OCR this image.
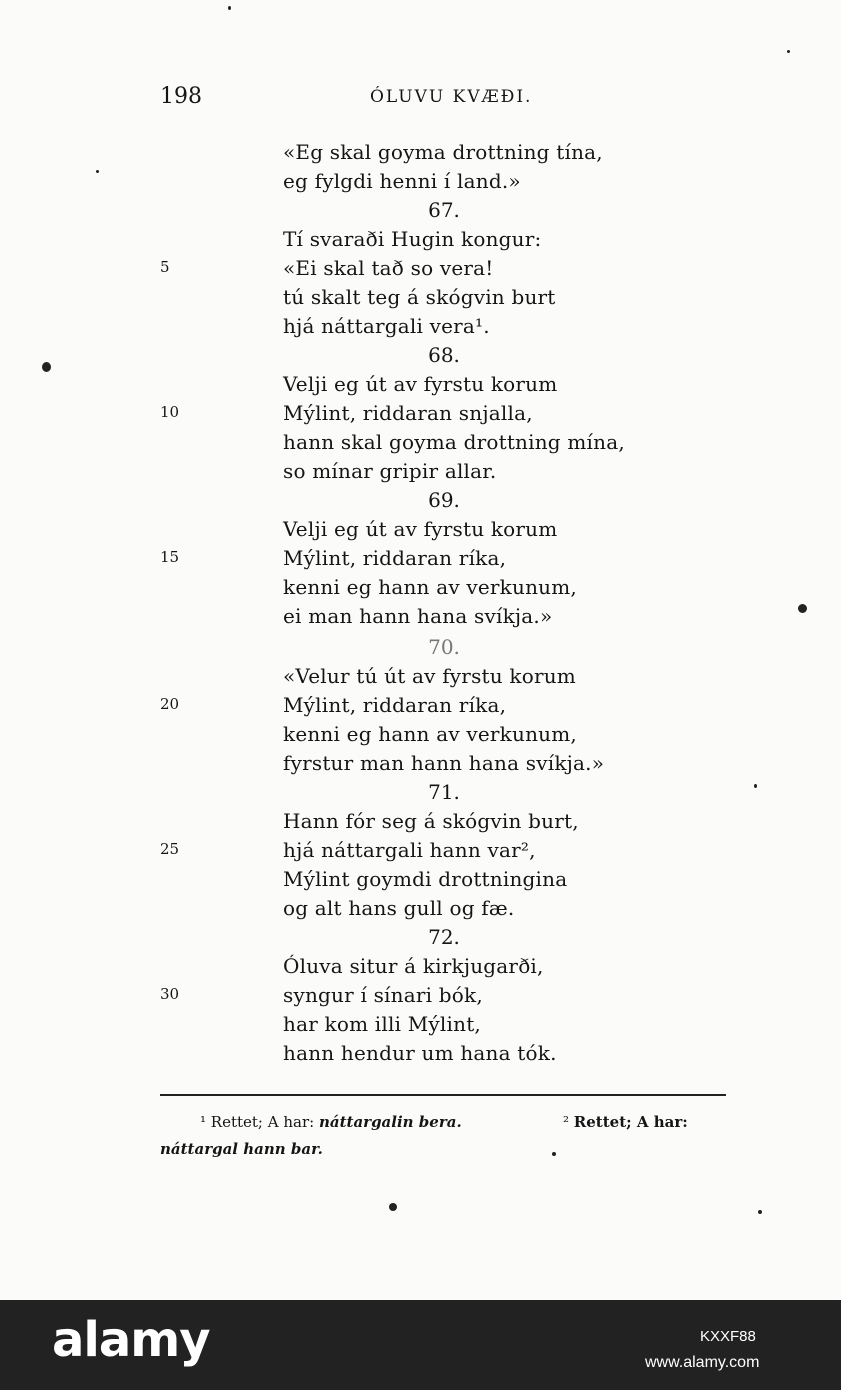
198	ÓLUVU KVÆÐI.
«Eg skal goyma drottning tína,
eg fylgdi henni í land.»
67.
Tí svaraði Hugin kongur:
«Ei skal tað so vera!
tú skalt teg á skógvin burt
hjá náttargali vera¹.
68.
Velji eg út av fyrstu korum
Mýlint, riddaran snjalla,
hann skal goyma drottning mína,
so mínar gripir allar.
69.
Velji eg út av fyrstu korum
Mýlint, riddaran ríka,
kenni eg hann av verkunum,
ei man hann hana svíkja.»
70.
«Velur tú út av fyrstu korum
Mýlint, riddaran ríka,
kenni eg hann av verkunum,
fyrstur man hann hana svíkja.»
71.
Hann fór seg á skógvin burt,
hjá náttargali hann var²,
Mýlint goymdi drottningina
og alt hans gull og fæ.
72.
Óluva situr á kirkjugarði,
syngur í sínari bók,
har kom illi Mýlint,
hann hendur um hana tók.
5
10
15
20
25
30
¹ Rettet; A har: náttargalin bera.	² Rettet; A har:
náttargal hann bar.
alamy	KXXF88
www.alamy.com
